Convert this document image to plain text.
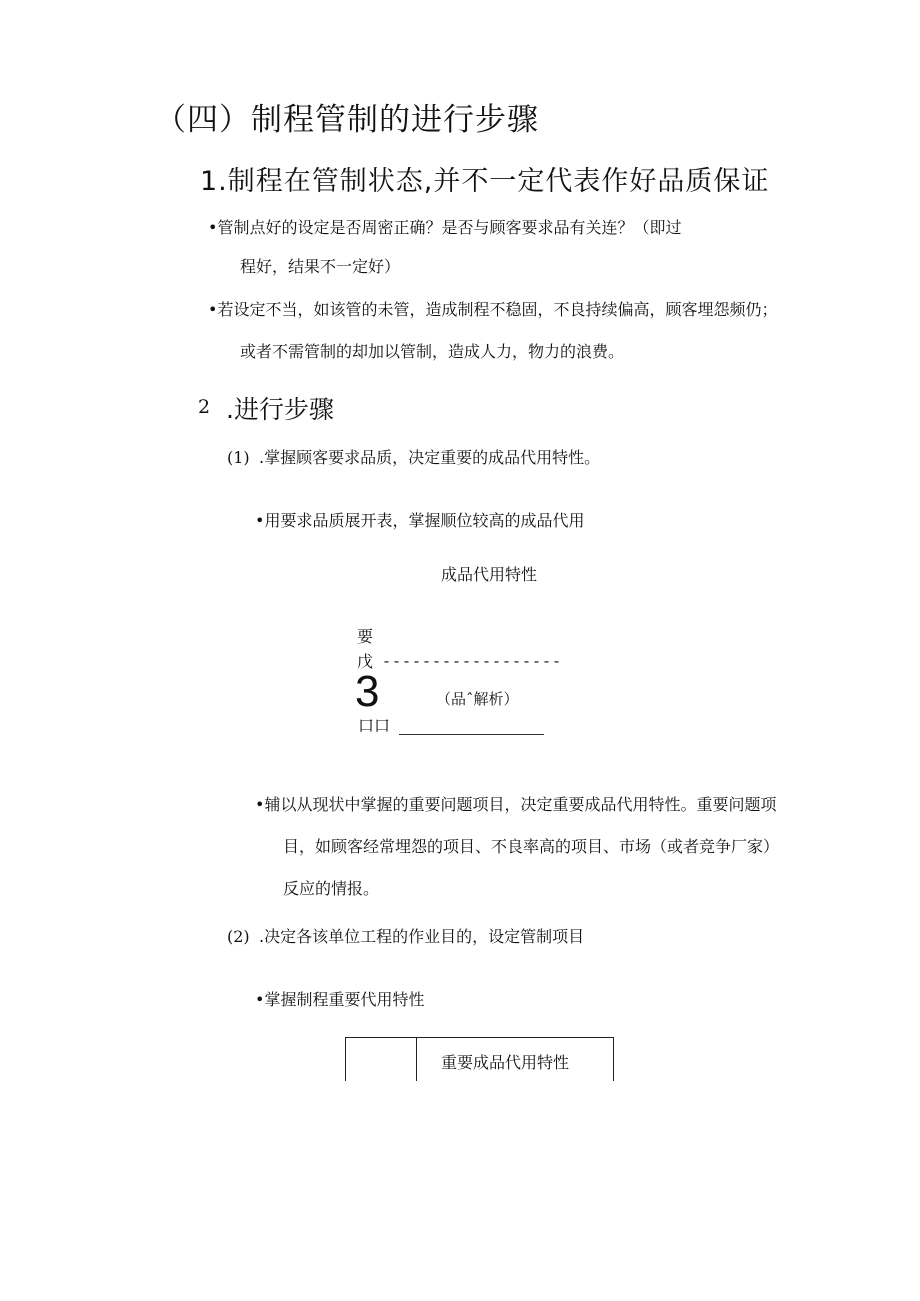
（四）制程管制的进行步骤
1.制程在管制状态,并不一定代表作好品质保证
•管制点好的设定是否周密正确？是否与顾客要求品有关连？（即过
程好，结果不一定好）
•若设定不当，如该管的未管，造成制程不稳固，不良持续偏高，顾客埋怨频仍；
或者不需管制的却加以管制，造成人力，物力的浪费。
2 .进行步骤
(1) .掌握顾客要求品质，决定重要的成品代用特性。
•用要求品质展开表，掌握顺位较高的成品代用
成品代用特性
要
戊 ------------------
3	（品ˆ解析）
口口
•辅以从现状中掌握的重要问题项目，决定重要成品代用特性。重要问题项
目，如顾客经常埋怨的项目、不良率高的项目、市场（或者竞争厂家）
反应的情报。
(2) .决定各该单位工程的作业目的，设定管制项目
•掌握制程重要代用特性
重要成品代用特性
